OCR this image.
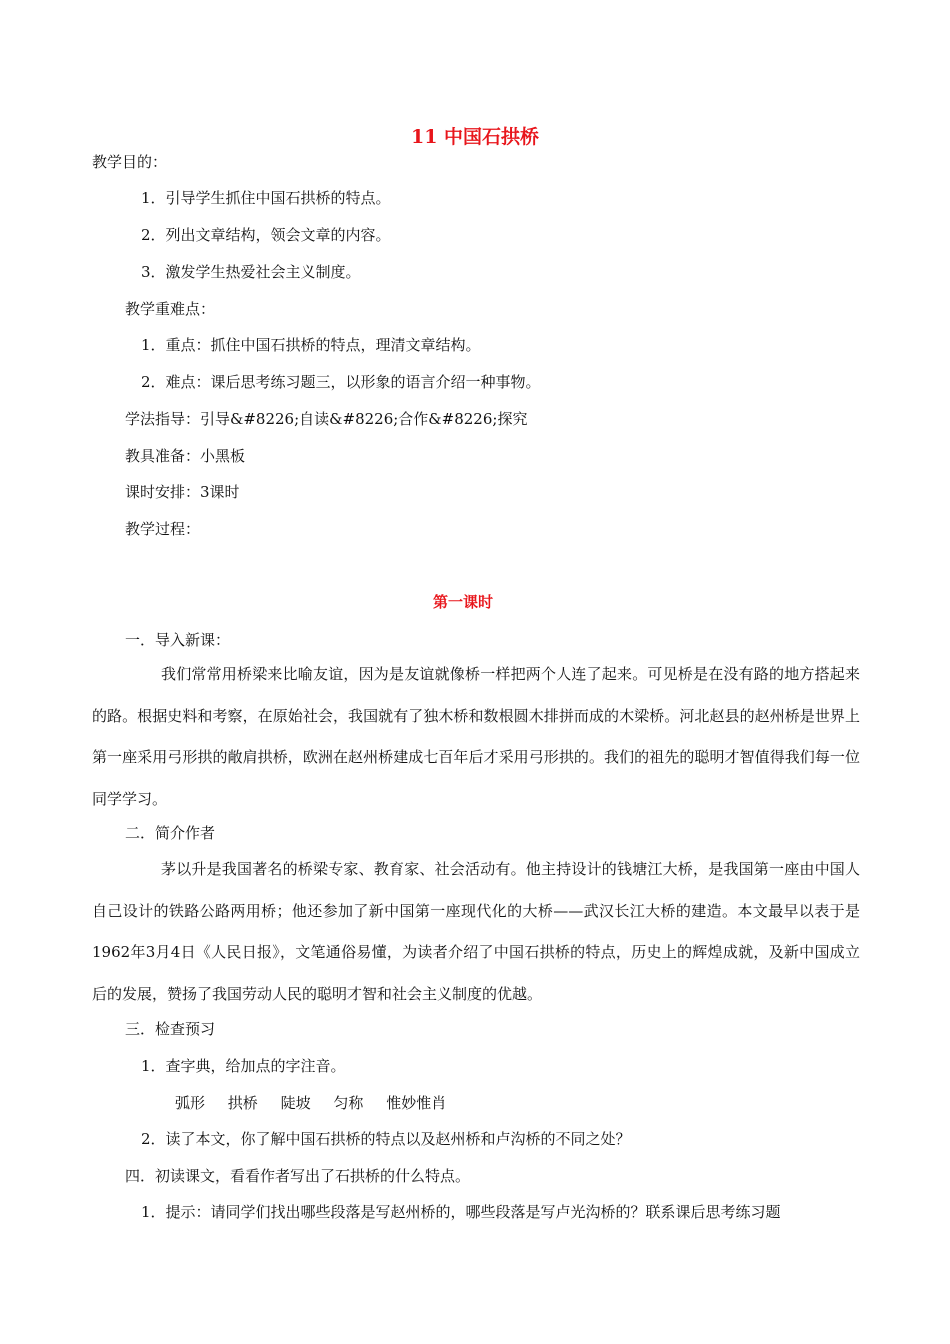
11 中国石拱桥
教学目的：
1．引导学生抓住中国石拱桥的特点。
2．列出文章结构，领会文章的内容。
3．激发学生热爱社会主义制度。
教学重难点：
1．重点：抓住中国石拱桥的特点，理清文章结构。
2．难点：课后思考练习题三，以形象的语言介绍一种事物。
学法指导：引导&#8226;自读&#8226;合作&#8226;探究
教具准备：小黑板
课时安排：3课时
教学过程：
第一课时
一．导入新课：
我们常常用桥梁来比喻友谊，因为是友谊就像桥一样把两个人连了起来。可见桥是在没有路的地方搭起来的路。根据史料和考察，在原始社会，我国就有了独木桥和数根圆木排拼而成的木梁桥。河北赵县的赵州桥是世界上第一座采用弓形拱的敞肩拱桥，欧洲在赵州桥建成七百年后才采用弓形拱的。我们的祖先的聪明才智值得我们每一位同学学习。
二．简介作者
茅以升是我国著名的桥梁专家、教育家、社会活动有。他主持设计的钱塘江大桥，是我国第一座由中国人自己设计的铁路公路两用桥；他还参加了新中国第一座现代化的大桥——武汉长江大桥的建造。本文最早以表于是1962年3月4日《人民日报》，文笔通俗易懂，为读者介绍了中国石拱桥的特点，历史上的辉煌成就，及新中国成立后的发展，赞扬了我国劳动人民的聪明才智和社会主义制度的优越。
三．检查预习
1．查字典，给加点的字注音。
弧形 拱桥 陡坡 匀称 惟妙惟肖
2．读了本文，你了解中国石拱桥的特点以及赵州桥和卢沟桥的不同之处？
四．初读课文，看看作者写出了石拱桥的什么特点。
1．提示：请同学们找出哪些段落是写赵州桥的，哪些段落是写卢光沟桥的？联系课后思考练习题
